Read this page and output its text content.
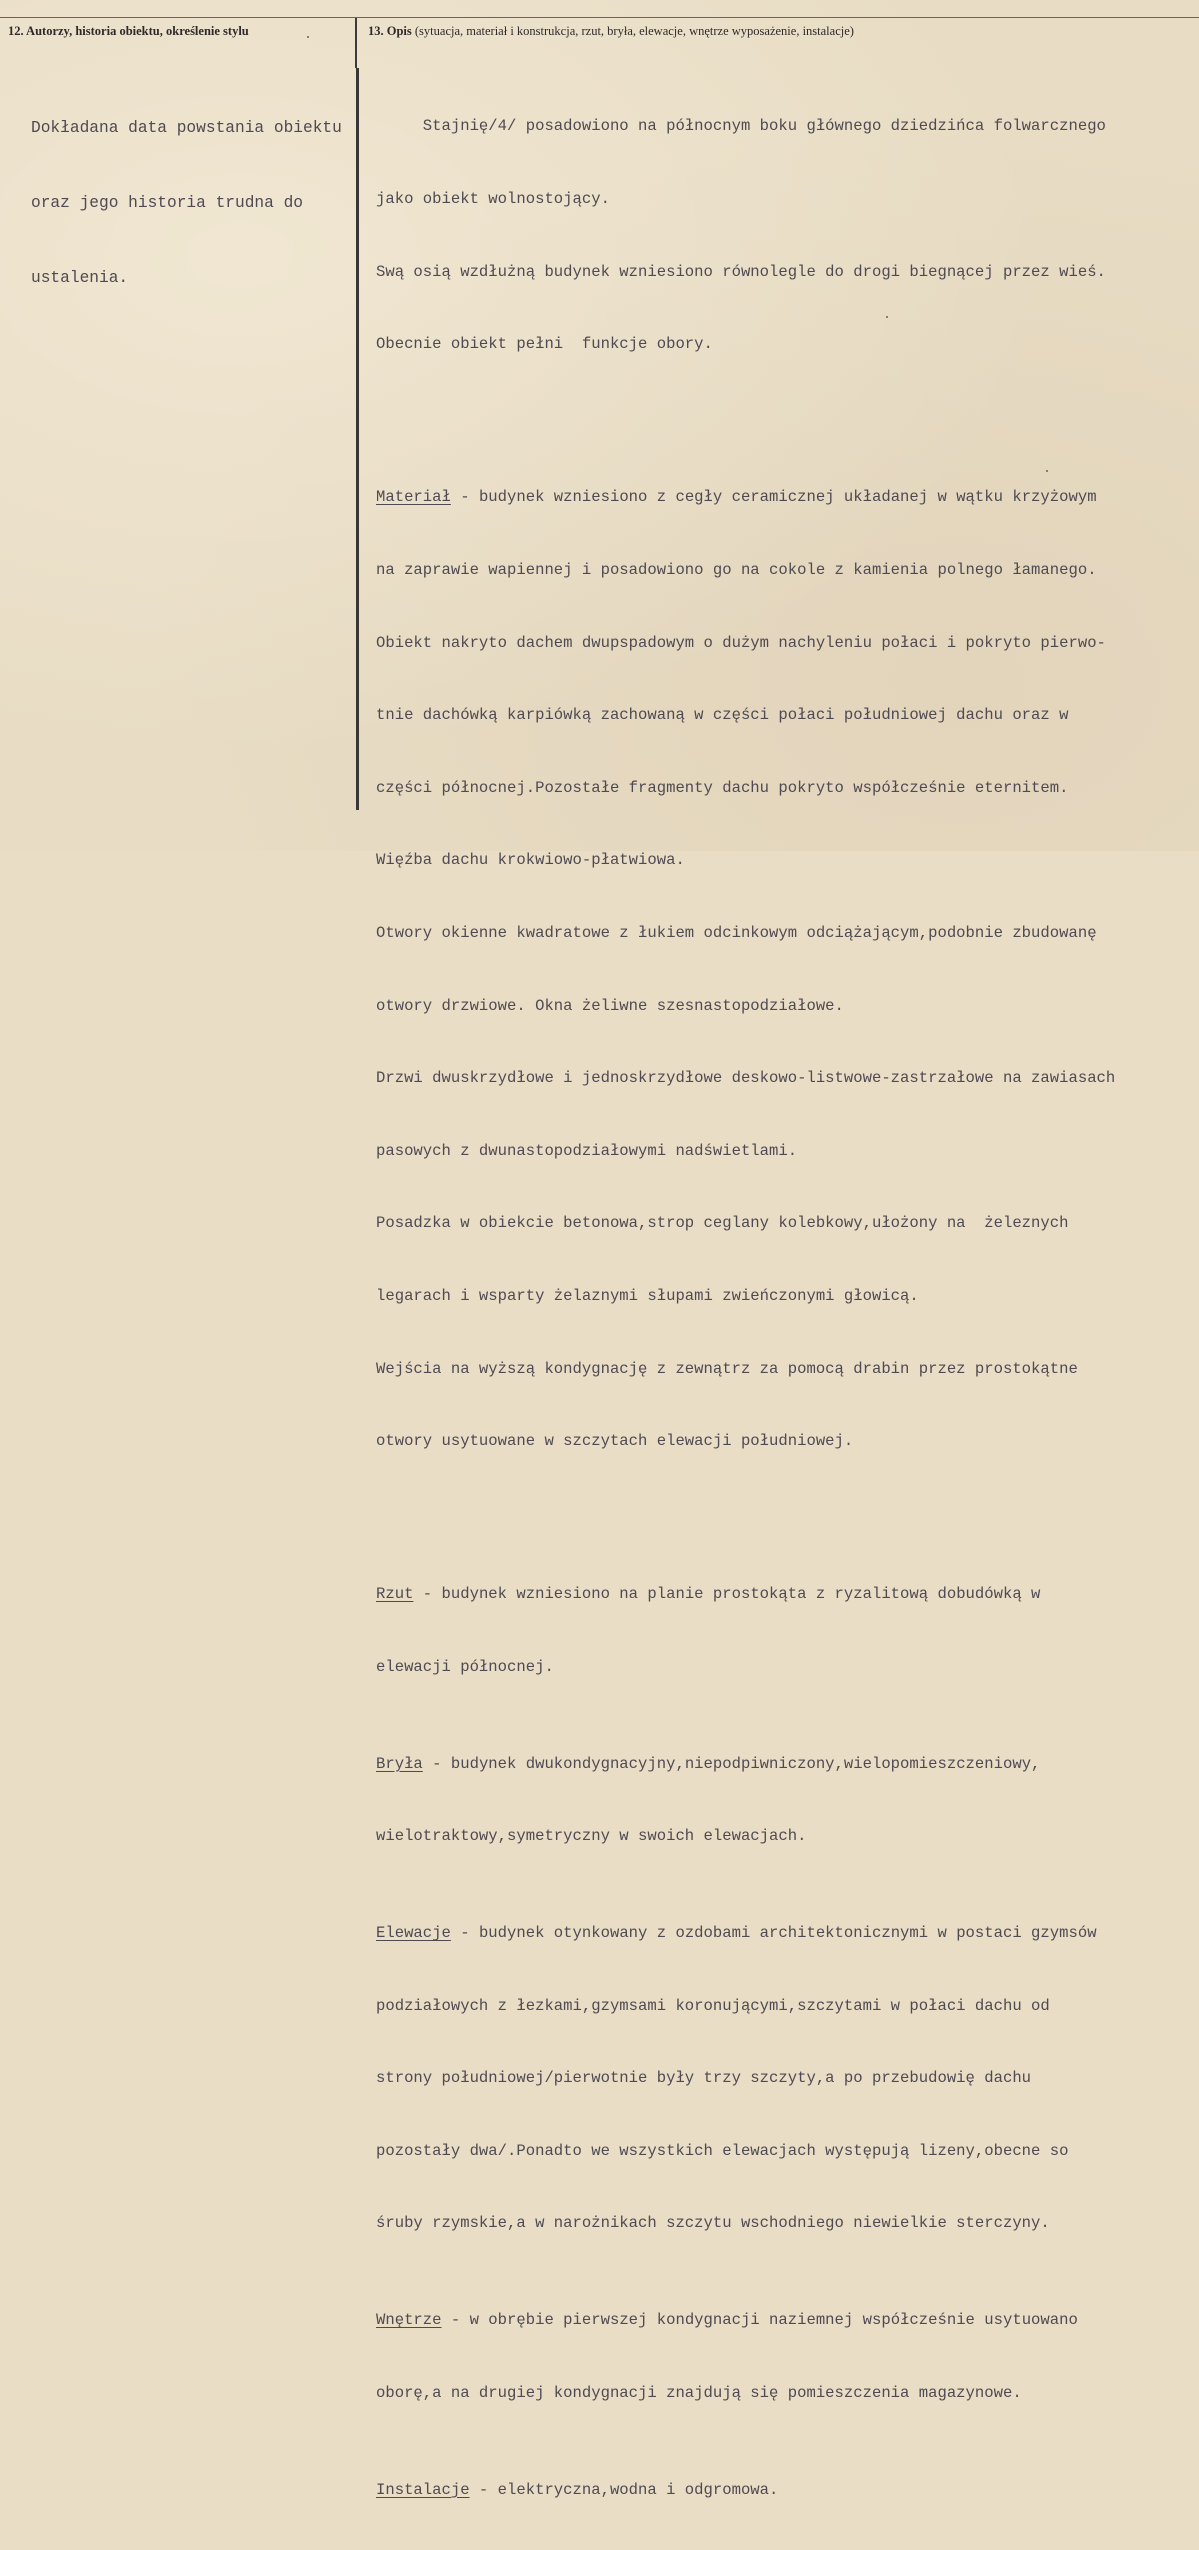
12. Autorzy, historia obiektu, określenie stylu	13. Opis (sytuacja, materiał i konstrukcja, rzut, bryła, elewacje, wnętrze wyposażenie, instalacje)

Dokładana data powstania obiektu

oraz jego historia trudna do

ustalenia.

Stajnię/4/ posadowiono na północnym boku głównego dziedzińca folwarcznego

jako obiekt wolnostojący.

Swą osią wzdłużną budynek wzniesiono równolegle do drogi biegnącej przez wieś.

Obecnie obiekt pełni  funkcje obory.

Materiał - budynek wzniesiono z cegły ceramicznej układanej w wątku krzyżowym

na zaprawie wapiennej i posadowiono go na cokole z kamienia polnego łamanego.

Obiekt nakryto dachem dwupspadowym o dużym nachyleniu połaci i pokryto pierwo-

tnie dachówką karpiówką zachowaną w części połaci południowej dachu oraz w

części północnej.Pozostałe fragmenty dachu pokryto współcześnie eternitem.

Więźba dachu krokwiowo-płatwiowa.

Otwory okienne kwadratowe z łukiem odcinkowym odciążającym,podobnie zbudowanę

otwory drzwiowe. Okna żeliwne szesnastopodziałowe.

Drzwi dwuskrzydłowe i jednoskrzydłowe deskowo-listwowe-zastrzałowe na zawiasach

pasowych z dwunastopodziałowymi nadświetlami.

Posadzka w obiekcie betonowa,strop ceglany kolebkowy,ułożony na  żeleznych

legarach i wsparty żelaznymi słupami zwieńczonymi głowicą.

Wejścia na wyższą kondygnację z zewnątrz za pomocą drabin przez prostokątne

otwory usytuowane w szczytach elewacji południowej.

Rzut - budynek wzniesiono na planie prostokąta z ryzalitową dobudówką w

elewacji północnej.

Bryła - budynek dwukondygnacyjny,niepodpiwniczony,wielopomieszczeniowy,

wielotraktowy,symetryczny w swoich elewacjach.

Elewacje - budynek otynkowany z ozdobami architektonicznymi w postaci gzymsów

podziałowych z łezkami,gzymsami koronującymi,szczytami w połaci dachu od

strony południowej/pierwotnie były trzy szczyty,a po przebudowię dachu

pozostały dwa/.Ponadto we wszystkich elewacjach występują lizeny,obecne so

śruby rzymskie,a w narożnikach szczytu wschodniego niewielkie sterczyny.

Wnętrze - w obrębie pierwszej kondygnacji naziemnej współcześnie usytuowano

oborę,a na drugiej kondygnacji znajdują się pomieszczenia magazynowe.

Instalacje - elektryczna,wodna i odgromowa.
